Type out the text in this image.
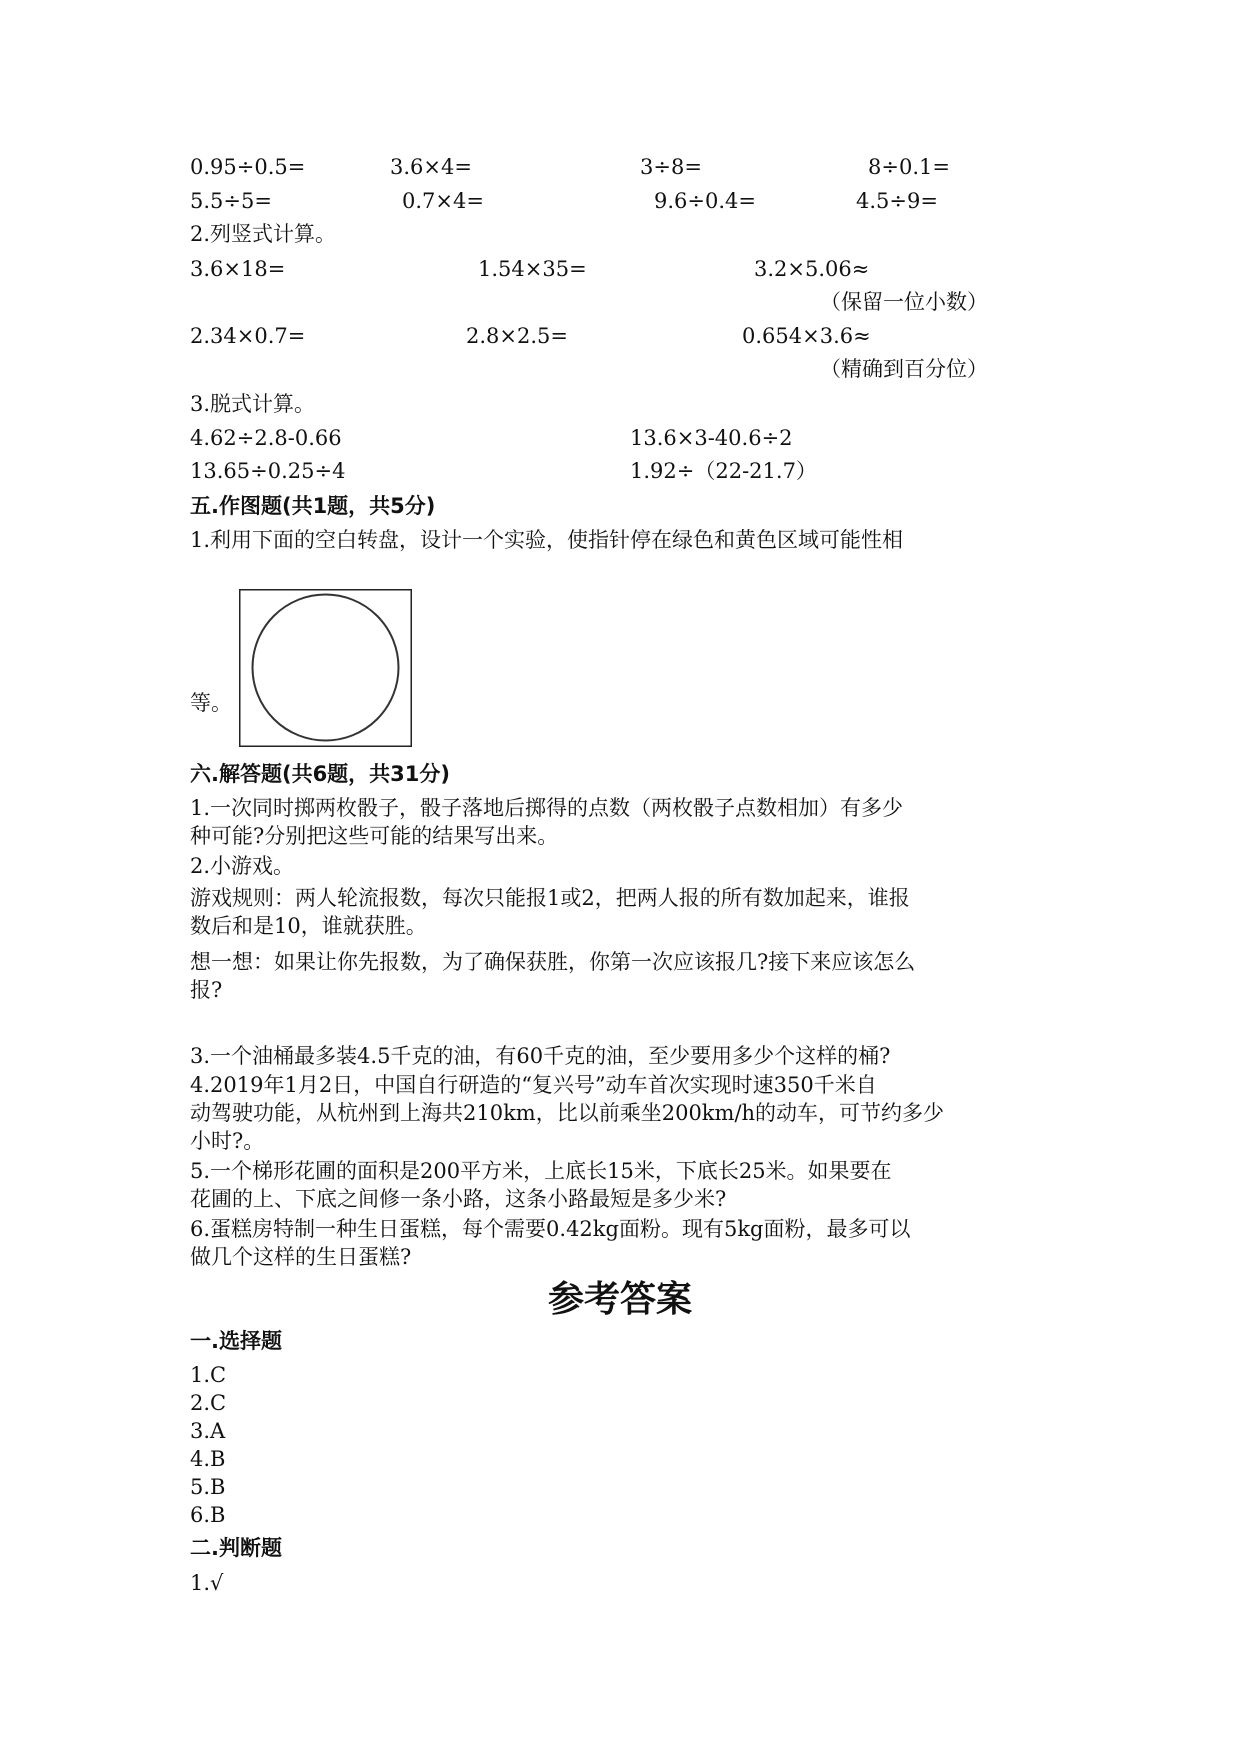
0.95÷0.5=	3.6×4=	3÷8=	8÷0.1=
5.5÷5=	0.7×4=	9.6÷0.4=	4.5÷9=
2.列竖式计算。
3.6×18=	1.54×35=	3.2×5.06≈
（保留一位小数）
2.34×0.7=	2.8×2.5=	0.654×3.6≈
（精确到百分位）
3.脱式计算。
4.62÷2.8-0.66	13.6×3-40.6÷2
13.65÷0.25÷4	1.92÷（22-21.7）
五.作图题(共1题，共5分)
1.利用下面的空白转盘，设计一个实验，使指针停在绿色和黄色区域可能性相
等。
六.解答题(共6题，共31分)
1.一次同时掷两枚骰子，骰子落地后掷得的点数（两枚骰子点数相加）有多少
种可能?分别把这些可能的结果写出来。
2.小游戏。
游戏规则：两人轮流报数，每次只能报1或2，把两人报的所有数加起来，谁报
数后和是10，谁就获胜。
想一想：如果让你先报数，为了确保获胜，你第一次应该报几?接下来应该怎么
报?
3.一个油桶最多装4.5千克的油，有60千克的油，至少要用多少个这样的桶?
4.2019年1月2日，中国自行研造的“复兴号”动车首次实现时速350千米自
动驾驶功能，从杭州到上海共210km，比以前乘坐200km/h的动车，可节约多少
小时?。
5.一个梯形花圃的面积是200平方米，上底长15米，下底长25米。如果要在
花圃的上、下底之间修一条小路，这条小路最短是多少米?
6.蛋糕房特制一种生日蛋糕，每个需要0.42kg面粉。现有5kg面粉，最多可以
做几个这样的生日蛋糕?
参考答案
一.选择题
1.C
2.C
3.A
4.B
5.B
6.B
二.判断题
1.√
